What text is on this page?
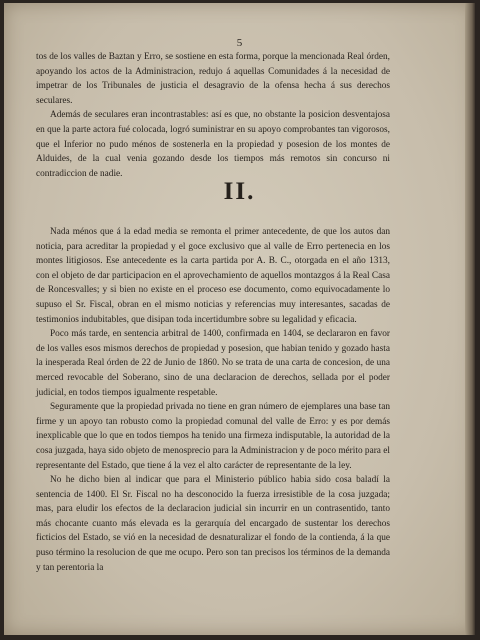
5

tos de los valles de Baztan y Erro, se sostiene en esta forma, porque la mencionada Real órden, apoyando los actos de la Administracion, redujo á aquellas Comunidades á la necesidad de impetrar de los Tribunales de justicia el desagravio de la ofensa hecha á sus derechos seculares.

Además de seculares eran incontrastables: así es que, no obstante la posicion desventajosa en que la parte actora fué colocada, logró suministrar en su apoyo comprobantes tan vigorosos, que el Inferior no pudo ménos de sostenerla en la propiedad y posesion de los montes de Alduides, de la cual venia gozando desde los tiempos más remotos sin concurso ni contradiccion de nadie.

II.

Nada ménos que á la edad media se remonta el primer antecedente, de que los autos dan noticia, para acreditar la propiedad y el goce exclusivo que al valle de Erro pertenecia en los montes litigiosos. Ese antecedente es la carta partida por A. B. C., otorgada en el año 1313, con el objeto de dar participacion en el aprovechamiento de aquellos montazgos á la Real Casa de Roncesvalles; y si bien no existe en el proceso ese documento, como equivocadamente lo supuso el Sr. Fiscal, obran en el mismo noticias y referencias muy interesantes, sacadas de testimonios indubitables, que disipan toda incertidumbre sobre su legalidad y eficacia.

Poco más tarde, en sentencia arbitral de 1400, confirmada en 1404, se declararon en favor de los valles esos mismos derechos de propiedad y posesion, que habian tenido y gozado hasta la inesperada Real órden de 22 de Junio de 1860. No se trata de una carta de concesion, de una merced revocable del Soberano, sino de una declaracion de derechos, sellada por el poder judicial, en todos tiempos igualmente respetable.

Seguramente que la propiedad privada no tiene en gran número de ejemplares una base tan firme y un apoyo tan robusto como la propiedad comunal del valle de Erro: y es por demás inexplicable que lo que en todos tiempos ha tenido una firmeza indisputable, la autoridad de la cosa juzgada, haya sido objeto de menosprecio para la Administracion y de poco mérito para el representante del Estado, que tiene á la vez el alto carácter de representante de la ley.

No he dicho bien al indicar que para el Ministerio público habia sido cosa baladí la sentencia de 1400. El Sr. Fiscal no ha desconocido la fuerza irresistible de la cosa juzgada; mas, para eludir los efectos de la declaracion judicial sin incurrir en un contrasentido, tanto más chocante cuanto más elevada es la gerarquía del encargado de sustentar los derechos ficticios del Estado, se vió en la necesidad de desnaturalizar el fondo de la contienda, á la que puso término la resolucion de que me ocupo. Pero son tan precisos los términos de la demanda y tan perentoria la
